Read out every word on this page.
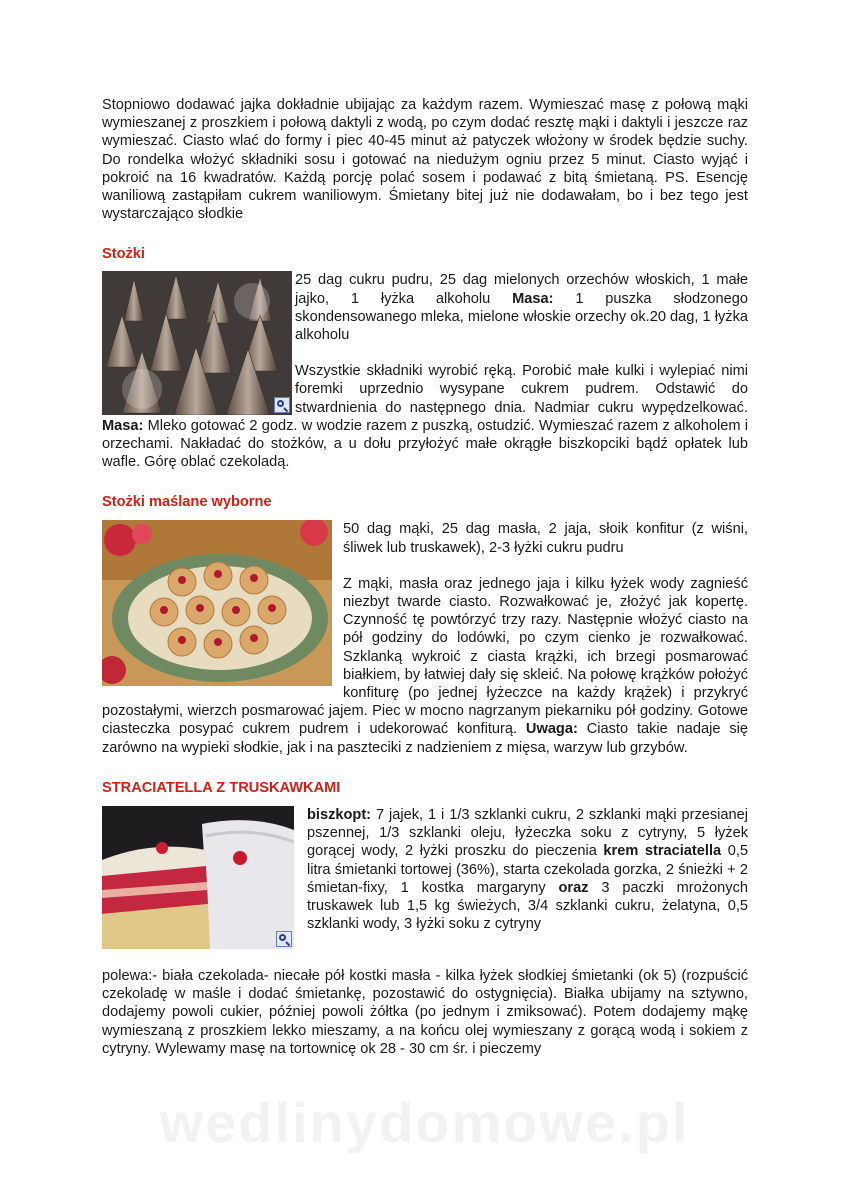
Stopniowo dodawać jajka dokładnie ubijając za każdym razem. Wymieszać masę z połową mąki wymieszanej z proszkiem i połową daktyli z wodą, po czym dodać resztę mąki i daktyli i jeszcze raz wymieszać. Ciasto wlać do formy i piec 40-45 minut aż patyczek włożony w środek będzie suchy. Do rondelka włożyć składniki sosu i gotować na niedużym ogniu przez 5 minut. Ciasto wyjąć i pokroić na 16 kwadratów. Każdą porcję polać sosem i podawać z bitą śmietaną. PS. Esencję waniliową zastąpiłam cukrem waniliowym. Śmietany bitej już nie dodawałam, bo i bez tego jest wystarczająco słodkie

Stożki

25 dag cukru pudru, 25 dag mielonych orzechów włoskich, 1 małe jajko, 1 łyżka alkoholu Masa: 1 puszka słodzonego skondensowanego mleka, mielone włoskie orzechy ok.20 dag, 1 łyżka alkoholu

Wszystkie składniki wyrobić ręką. Porobić małe kulki i wylepiać nimi foremki uprzednio wysypane cukrem pudrem. Odstawić do stwardnienia do następnego dnia. Nadmiar cukru wypędzelkować. Masa: Mleko gotować 2 godz. w wodzie razem z puszką, ostudzić. Wymieszać razem z alkoholem i orzechami. Nakładać do stożków, a u dołu przyłożyć małe okrągłe biszkopciki bądź opłatek lub wafle. Górę oblać czekoladą.

Stożki maślane wyborne

50 dag mąki, 25 dag masła, 2 jaja, słoik konfitur (z wiśni, śliwek lub truskawek), 2-3 łyżki cukru pudru

Z mąki, masła oraz jednego jaja i kilku łyżek wody zagnieść niezbyt twarde ciasto. Rozwałkować je, złożyć jak kopertę. Czynność tę powtórzyć trzy razy. Następnie włożyć ciasto na pół godziny do lodówki, po czym cienko je rozwałkować. Szklanką wykroić z ciasta krążki, ich brzegi posmarować białkiem, by łatwiej dały się skleić. Na połowę krążków położyć konfiturę (po jednej łyżeczce na każdy krążek) i przykryć pozostałymi, wierzch posmarować jajem. Piec w mocno nagrzanym piekarniku pół godziny. Gotowe ciasteczka posypać cukrem pudrem i udekorować konfiturą. Uwaga: Ciasto takie nadaje się zarówno na wypieki słodkie, jak i na paszteciki z nadzieniem z mięsa, warzyw lub grzybów.

STRACIATELLA Z TRUSKAWKAMI

biszkopt: 7 jajek, 1 i 1/3 szklanki cukru, 2 szklanki mąki przesianej pszennej, 1/3 szklanki oleju, łyżeczka soku z cytryny, 5 łyżek gorącej wody, 2 łyżki proszku do pieczenia krem straciatella 0,5 litra śmietanki tortowej (36%), starta czekolada gorzka, 2 śnieżki + 2 śmietan-fixy, 1 kostka margaryny oraz 3 paczki mrożonych truskawek lub 1,5 kg świeżych, 3/4 szklanki cukru, żelatyna, 0,5 szklanki wody, 3 łyżki soku z cytryny

polewa:- biała czekolada- niecałe pół kostki masła - kilka łyżek słodkiej śmietanki (ok 5) (rozpuścić czekoladę w maśle i dodać śmietankę, pozostawić do ostygnięcia). Białka ubijamy na sztywno, dodajemy powoli cukier, później powoli żółtka (po jednym i zmiksować). Potem dodajemy mąkę wymieszaną z proszkiem lekko mieszamy, a na końcu olej wymieszany z gorącą wodą i sokiem z cytryny. Wylewamy masę na tortownicę ok 28 - 30 cm śr. i pieczemy

wedlinydomowe.pl
